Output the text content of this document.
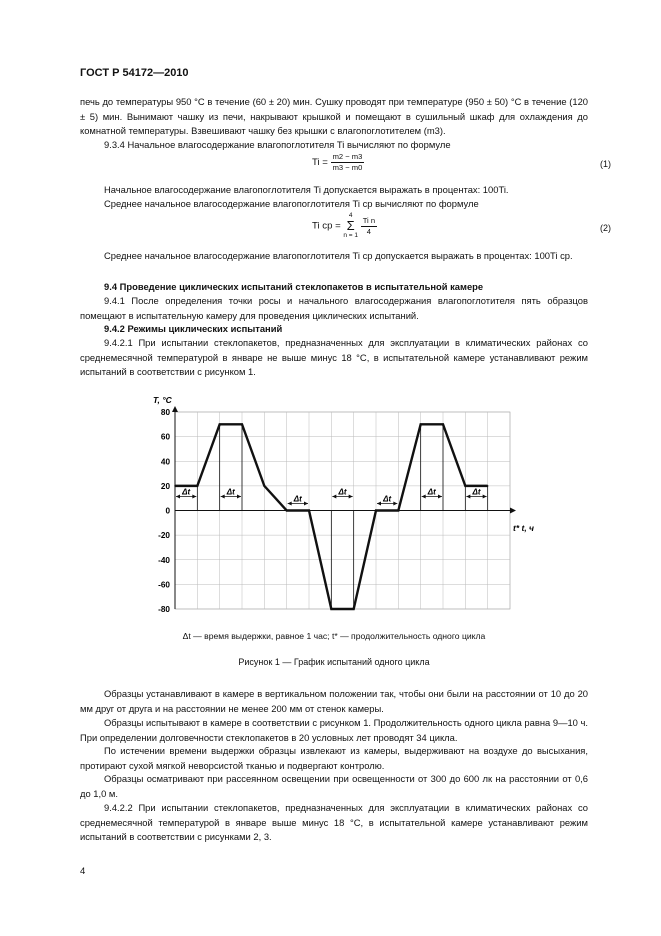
ГОСТ Р 54172—2010
печь до температуры 950 °С в течение (60 ± 20) мин. Сушку проводят при температуре (950 ± 50) °С в течение (120 ± 5) мин. Вынимают чашку из печи, накрывают крышкой и помещают в сушильный шкаф для охлаждения до комнатной температуры. Взвешивают чашку без крышки с влагопоглотителем (m3).
9.3.4 Начальное влагосодержание влагопоглотителя Ti вычисляют по формуле
$Ti = \frac{m2 - m3}{m3 - m0}$	(1)
Начальное влагосодержание влагопоглотителя Ti допускается выражать в процентах: 100Ti.
Среднее начальное влагосодержание влагопоглотителя Ti ср вычисляют по формуле
Ti ср =
4
Σ
n = 1
$\frac{\text{Ti n}}{4}$	(2)
Среднее начальное влагосодержание влагопоглотителя Ti ср допускается выражать в процентах: 100Ti ср.
9.4 Проведение циклических испытаний стеклопакетов в испытательной камере
9.4.1 После определения точки росы и начального влагосодержания влагопоглотителя пять образцов помещают в испытательную камеру для проведения циклических испытаний.
9.4.2 Режимы циклических испытаний
9.4.2.1 При испытании стеклопакетов, предназначенных для эксплуатации в климатических районах со среднемесячной температурой в январе не выше минус 18 °С, в испытательной камере устанавливают режим испытаний в соответствии с рисунком 1.
80
60
40
20
0
-20
-40
-60
-80
Δt	Δt
Δt
Δt
Δt
Δt	Δt
T, °C
t* t, ч
Δt — время выдержки, равное 1 час; t* — продолжительность одного цикла
Рисунок 1 — График испытаний одного цикла
Образцы устанавливают в камере в вертикальном положении так, чтобы они были на расстоянии от 10 до 20 мм друг от друга и на расстоянии не менее 200 мм от стенок камеры.
Образцы испытывают в камере в соответствии с рисунком 1. Продолжительность одного цикла равна 9—10 ч. При определении долговечности стеклопакетов в 20 условных лет проводят 34 цикла.
По истечении времени выдержки образцы извлекают из камеры, выдерживают на воздухе до высыхания, протирают сухой мягкой неворсистой тканью и подвергают контролю.
Образцы осматривают при рассеянном освещении при освещенности от 300 до 600 лк на расстоянии от 0,6 до 1,0 м.
9.4.2.2 При испытании стеклопакетов, предназначенных для эксплуатации в климатических районах со среднемесячной температурой в январе выше минус 18 °С, в испытательной камере устанавливают режим испытаний в соответствии с рисунками 2, 3.
4
